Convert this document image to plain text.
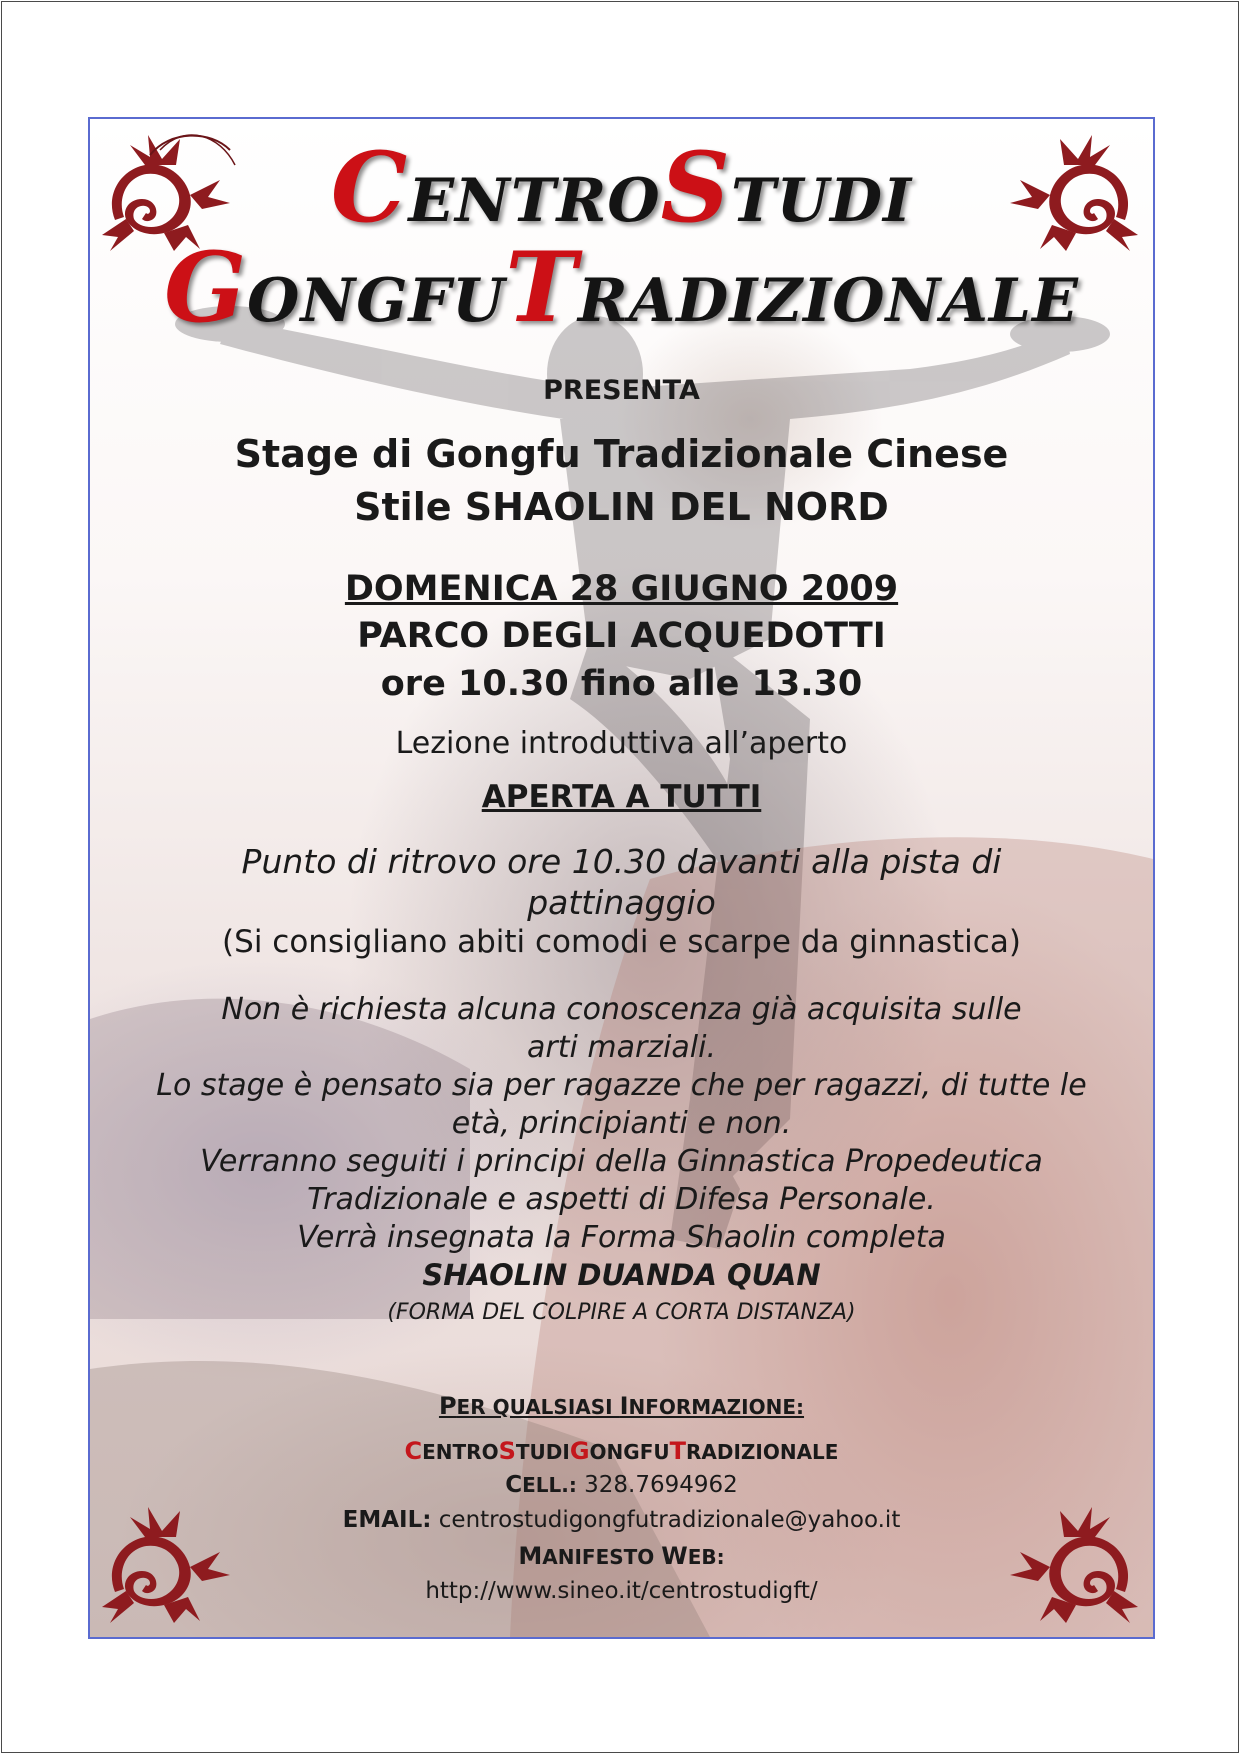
CENTROSTUDI
GONGFUTRADIZIONALE
PRESENTA
Stage di Gongfu Tradizionale Cinese
Stile SHAOLIN DEL NORD
DOMENICA 28 GIUGNO 2009
PARCO DEGLI ACQUEDOTTI
ore 10.30 fino alle 13.30
Lezione introduttiva all’aperto
APERTA A TUTTI
Punto di ritrovo ore 10.30 davanti alla pista di
pattinaggio
(Si consigliano abiti comodi e scarpe da ginnastica)
Non è richiesta alcuna conoscenza già acquisita sulle
arti marziali.
Lo stage è pensato sia per ragazze che per ragazzi, di tutte le
età, principianti e non.
Verranno seguiti i principi della Ginnastica Propedeutica
Tradizionale e aspetti di Difesa Personale.
Verrà insegnata la Forma Shaolin completa
SHAOLIN DUANDA QUAN
(FORMA DEL COLPIRE A CORTA DISTANZA)
PER QUALSIASI INFORMAZIONE:
CENTROSTUDIGONGFUTRADIZIONALE
CELL.: 328.7694962
EMAIL: centrostudigongfutradizionale@yahoo.it
MANIFESTO WEB:
http://www.sineo.it/centrostudigft/
